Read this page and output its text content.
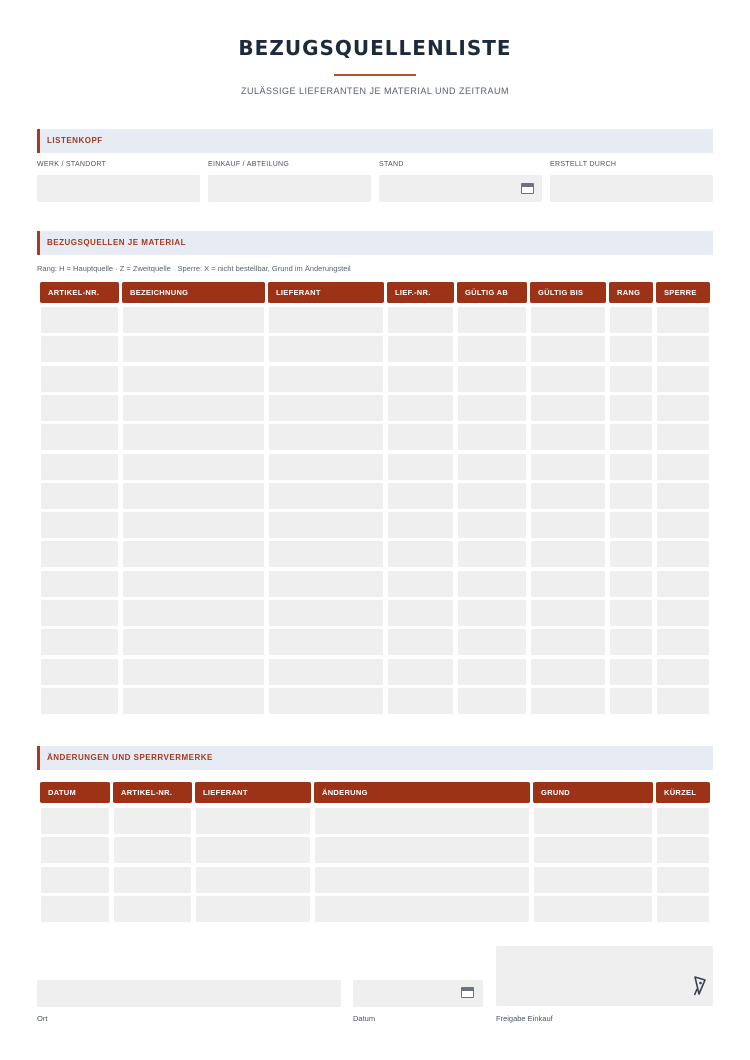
BEZUGSQUELLENLISTE
ZULÄSSIGE LIEFERANTEN JE MATERIAL UND ZEITRAUM
LISTENKOPF
WERK / STANDORT	EINKAUF / ABTEILUNG	STAND	ERSTELLT DURCH
BEZUGSQUELLEN JE MATERIAL
Rang: H = Hauptquelle · Z = Zweitquelle · Sperre: X = nicht bestellbar, Grund im Änderungsteil
ARTIKEL-NR.	BEZEICHNUNG	LIEFERANT	LIEF.-NR.	GÜLTIG AB	GÜLTIG BIS	RANG	SPERRE
ÄNDERUNGEN UND SPERRVERMERKE
DATUM	ARTIKEL-NR.	LIEFERANT	ÄNDERUNG	GRUND	KÜRZEL
Ort	Datum	Freigabe Einkauf
